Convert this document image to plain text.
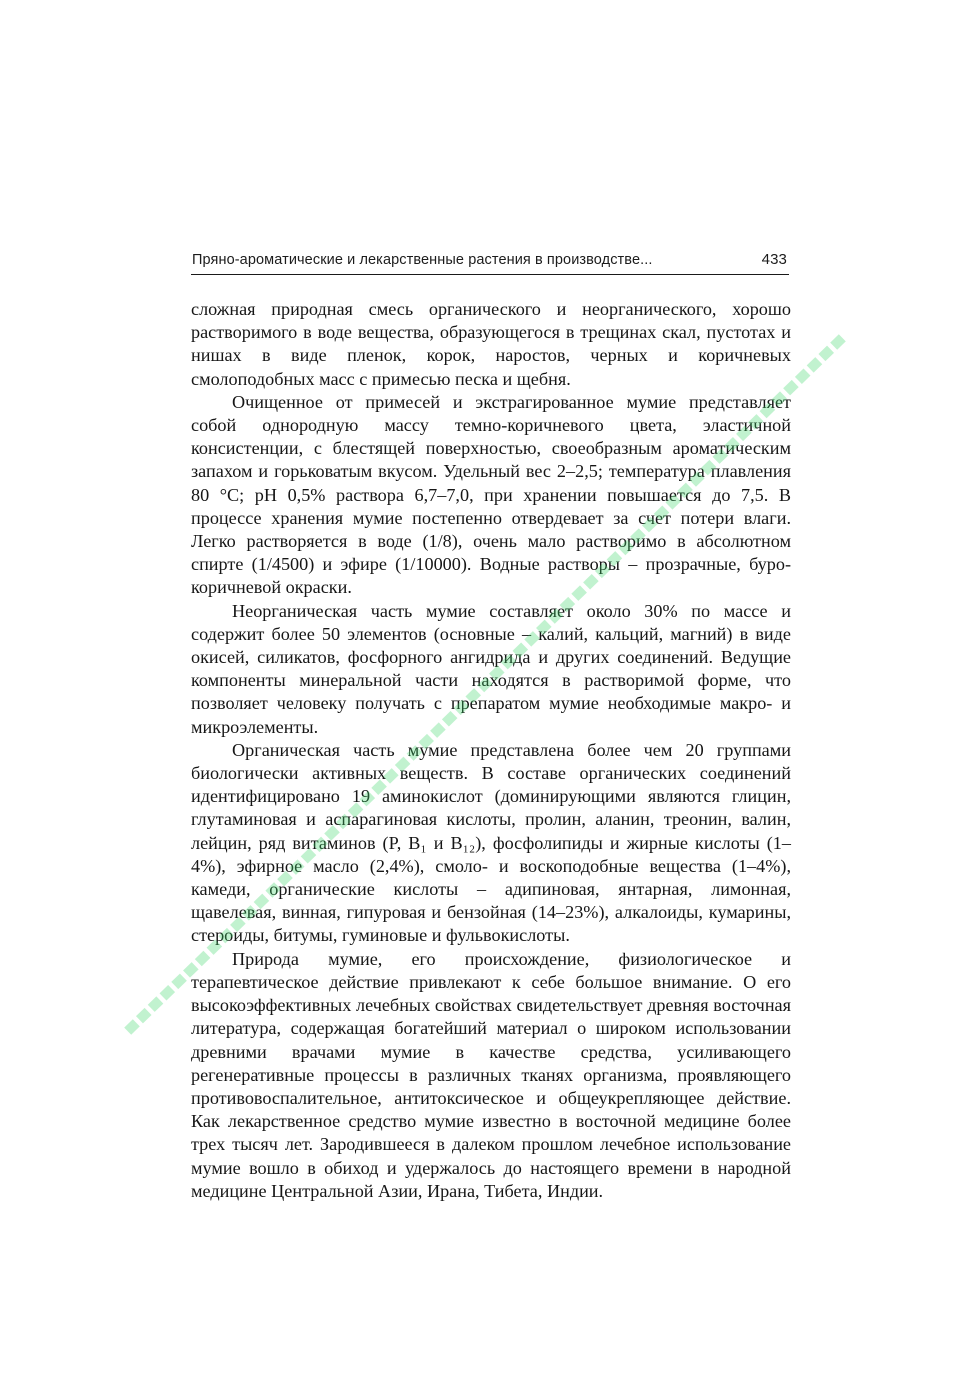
Пряно-ароматические и лекарственные растения в производстве...	433

сложная природная смесь органического и неорганического, хорошо растворимого в воде вещества, образующегося в трещинах скал, пустотах и нишах в виде пленок, корок, наростов, черных и коричневых смолоподобных масс с примесью песка и щебня.

Очищенное от примесей и экстрагированное мумие представляет собой однородную массу темно-коричневого цвета, эластичной консистенции, с блестящей поверхностью, своеобразным ароматическим запахом и горьковатым вкусом. Удельный вес 2–2,5; температура плавления 80 °С; pH 0,5% раствора 6,7–7,0, при хранении повышается до 7,5. В процессе хранения мумие постепенно отвердевает за счет потери влаги. Легко растворяется в воде (1/8), очень мало растворимо в абсолютном спирте (1/4500) и эфире (1/10000). Водные растворы – прозрачные, буро-коричневой окраски.

Неорганическая часть мумие составляет около 30% по массе и содержит более 50 элементов (основные – калий, кальций, магний) в виде окисей, силикатов, фосфорного ангидрида и других соединений. Ведущие компоненты минеральной части находятся в растворимой форме, что позволяет человеку получать с препаратом мумие необходимые макро- и микроэлементы.

Органическая часть мумие представлена более чем 20 группами биологически активных веществ. В составе органических соединений идентифицировано 19 аминокислот (доминирующими являются глицин, глутаминовая и аспарагиновая кислоты, пролин, аланин, треонин, валин, лейцин, ряд витаминов (P, B₁ и B₁₂), фосфолипиды и жирные кислоты (1–4%), эфирное масло (2,4%), смоло- и воскоподобные вещества (1–4%), камеди, органические кислоты – адипиновая, янтарная, лимонная, щавелевая, винная, гипуровая и бензойная (14–23%), алкалоиды, кумарины, стероиды, битумы, гуминовые и фульвокислоты.

Природа мумие, его происхождение, физиологическое и терапевтическое действие привлекают к себе большое внимание. О его высокоэффективных лечебных свойствах свидетельствует древняя восточная литература, содержащая богатейший материал о широком использовании древними врачами мумие в качестве средства, усиливающего регенеративные процессы в различных тканях организма, проявляющего противовоспалительное, антитоксическое и общеукрепляющее действие. Как лекарственное средство мумие известно в восточной медицине более трех тысяч лет. Зародившееся в далеком прошлом лечебное использование мумие вошло в обиход и удержалось до настоящего времени в народной медицине Центральной Азии, Ирана, Тибета, Индии.
